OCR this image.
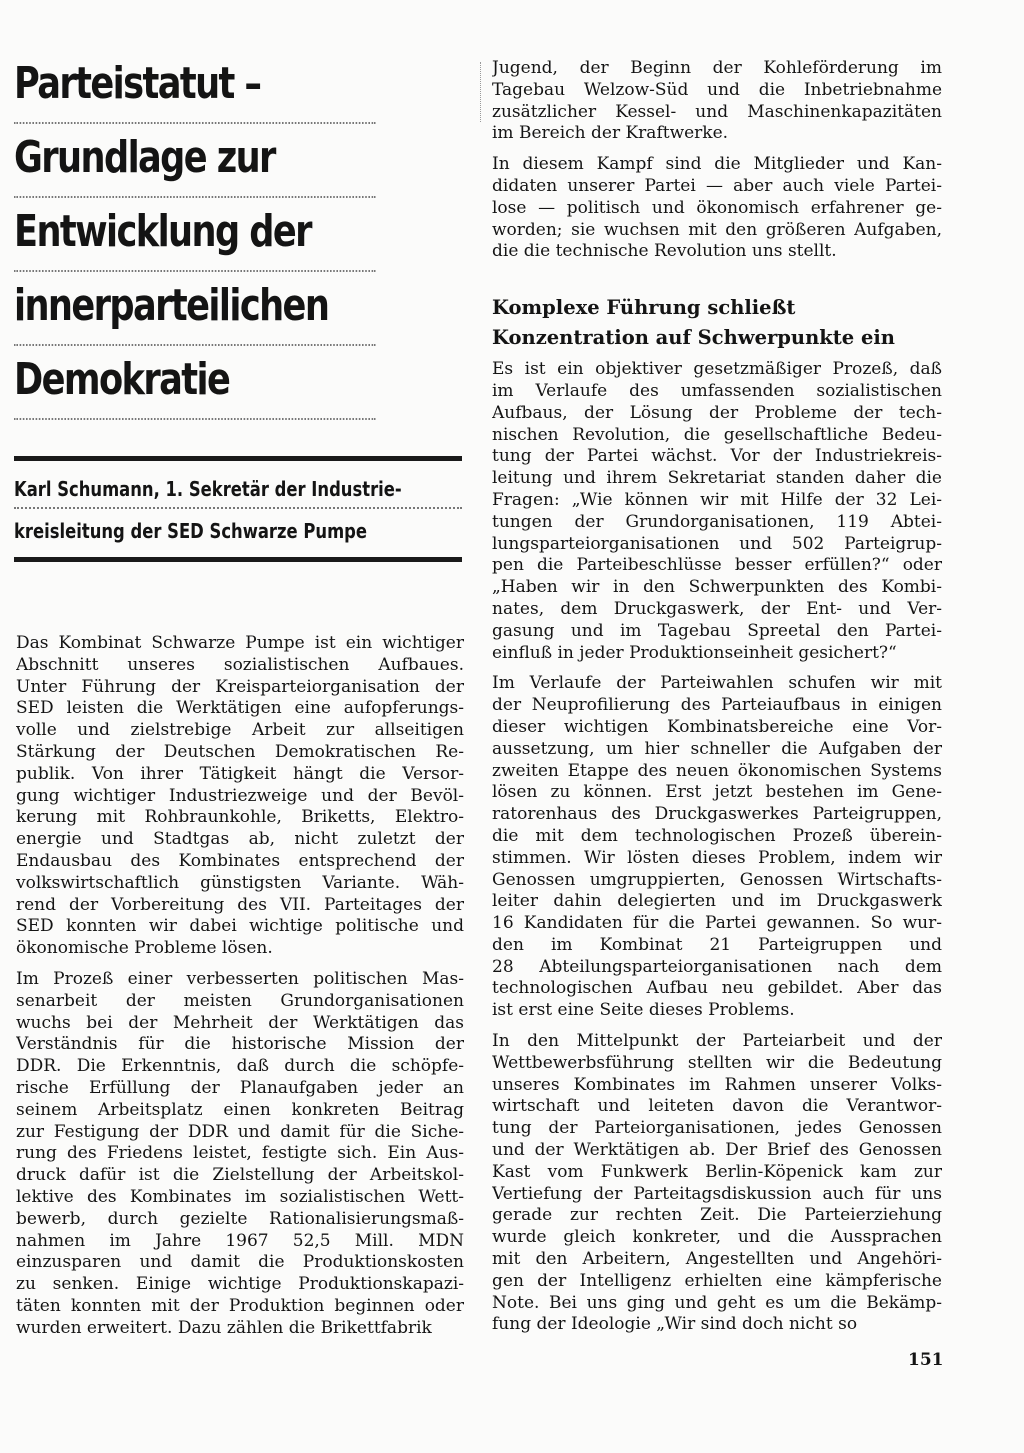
Parteistatut –
Grundlage zur
Entwicklung der
innerparteilichen
Demokratie
Karl Schumann, 1. Sekretär der Industrie-
kreisleitung der SED Schwarze Pumpe
Das Kombinat Schwarze Pumpe ist ein wichtiger
Abschnitt unseres sozialistischen Aufbaues.
Unter Führung der Kreisparteiorganisation der
SED leisten die Werktätigen eine aufopferungs-
volle und zielstrebige Arbeit zur allseitigen
Stärkung der Deutschen Demokratischen Re-
publik. Von ihrer Tätigkeit hängt die Versor-
gung wichtiger Industriezweige und der Bevöl-
kerung mit Rohbraunkohle, Briketts, Elektro-
energie und Stadtgas ab, nicht zuletzt der
Endausbau des Kombinates entsprechend der
volkswirtschaftlich günstigsten Variante. Wäh-
rend der Vorbereitung des VII. Parteitages der
SED konnten wir dabei wichtige politische und
ökonomische Probleme lösen.
Im Prozeß einer verbesserten politischen Mas-
senarbeit der meisten Grundorganisationen
wuchs bei der Mehrheit der Werktätigen das
Verständnis für die historische Mission der
DDR. Die Erkenntnis, daß durch die schöpfe-
rische Erfüllung der Planaufgaben jeder an
seinem Arbeitsplatz einen konkreten Beitrag
zur Festigung der DDR und damit für die Siche-
rung des Friedens leistet, festigte sich. Ein Aus-
druck dafür ist die Zielstellung der Arbeitskol-
lektive des Kombinates im sozialistischen Wett-
bewerb, durch gezielte Rationalisierungsmaß-
nahmen im Jahre 1967 52,5 Mill. MDN
einzusparen und damit die Produktionskosten
zu senken. Einige wichtige Produktionskapazi-
täten konnten mit der Produktion beginnen oder
wurden erweitert. Dazu zählen die Brikettfabrik
Jugend, der Beginn der Kohleförderung im
Tagebau Welzow-Süd und die Inbetriebnahme
zusätzlicher Kessel- und Maschinenkapazitäten
im Bereich der Kraftwerke.
In diesem Kampf sind die Mitglieder und Kan-
didaten unserer Partei — aber auch viele Partei-
lose — politisch und ökonomisch erfahrener ge-
worden; sie wuchsen mit den größeren Aufgaben,
die die technische Revolution uns stellt.
Komplexe Führung schließt
Konzentration auf Schwerpunkte ein
Es ist ein objektiver gesetzmäßiger Prozeß, daß
im Verlaufe des umfassenden sozialistischen
Aufbaus, der Lösung der Probleme der tech-
nischen Revolution, die gesellschaftliche Bedeu-
tung der Partei wächst. Vor der Industriekreis-
leitung und ihrem Sekretariat standen daher die
Fragen: „Wie können wir mit Hilfe der 32 Lei-
tungen der Grundorganisationen, 119 Abtei-
lungsparteiorganisationen und 502 Parteigrup-
pen die Parteibeschlüsse besser erfüllen?“ oder
„Haben wir in den Schwerpunkten des Kombi-
nates, dem Druckgaswerk, der Ent- und Ver-
gasung und im Tagebau Spreetal den Partei-
einfluß in jeder Produktionseinheit gesichert?“
Im Verlaufe der Parteiwahlen schufen wir mit
der Neuprofilierung des Parteiaufbaus in einigen
dieser wichtigen Kombinatsbereiche eine Vor-
aussetzung, um hier schneller die Aufgaben der
zweiten Etappe des neuen ökonomischen Systems
lösen zu können. Erst jetzt bestehen im Gene-
ratorenhaus des Druckgaswerkes Parteigruppen,
die mit dem technologischen Prozeß überein-
stimmen. Wir lösten dieses Problem, indem wir
Genossen umgruppierten, Genossen Wirtschafts-
leiter dahin delegierten und im Druckgaswerk
16 Kandidaten für die Partei gewannen. So wur-
den im Kombinat 21 Parteigruppen und
28 Abteilungsparteiorganisationen nach dem
technologischen Aufbau neu gebildet. Aber das
ist erst eine Seite dieses Problems.
In den Mittelpunkt der Parteiarbeit und der
Wettbewerbsführung stellten wir die Bedeutung
unseres Kombinates im Rahmen unserer Volks-
wirtschaft und leiteten davon die Verantwor-
tung der Parteiorganisationen, jedes Genossen
und der Werktätigen ab. Der Brief des Genossen
Kast vom Funkwerk Berlin-Köpenick kam zur
Vertiefung der Parteitagsdiskussion auch für uns
gerade zur rechten Zeit. Die Parteierziehung
wurde gleich konkreter, und die Aussprachen
mit den Arbeitern, Angestellten und Angehöri-
gen der Intelligenz erhielten eine kämpferische
Note. Bei uns ging und geht es um die Bekämp-
fung der Ideologie „Wir sind doch nicht so
151
